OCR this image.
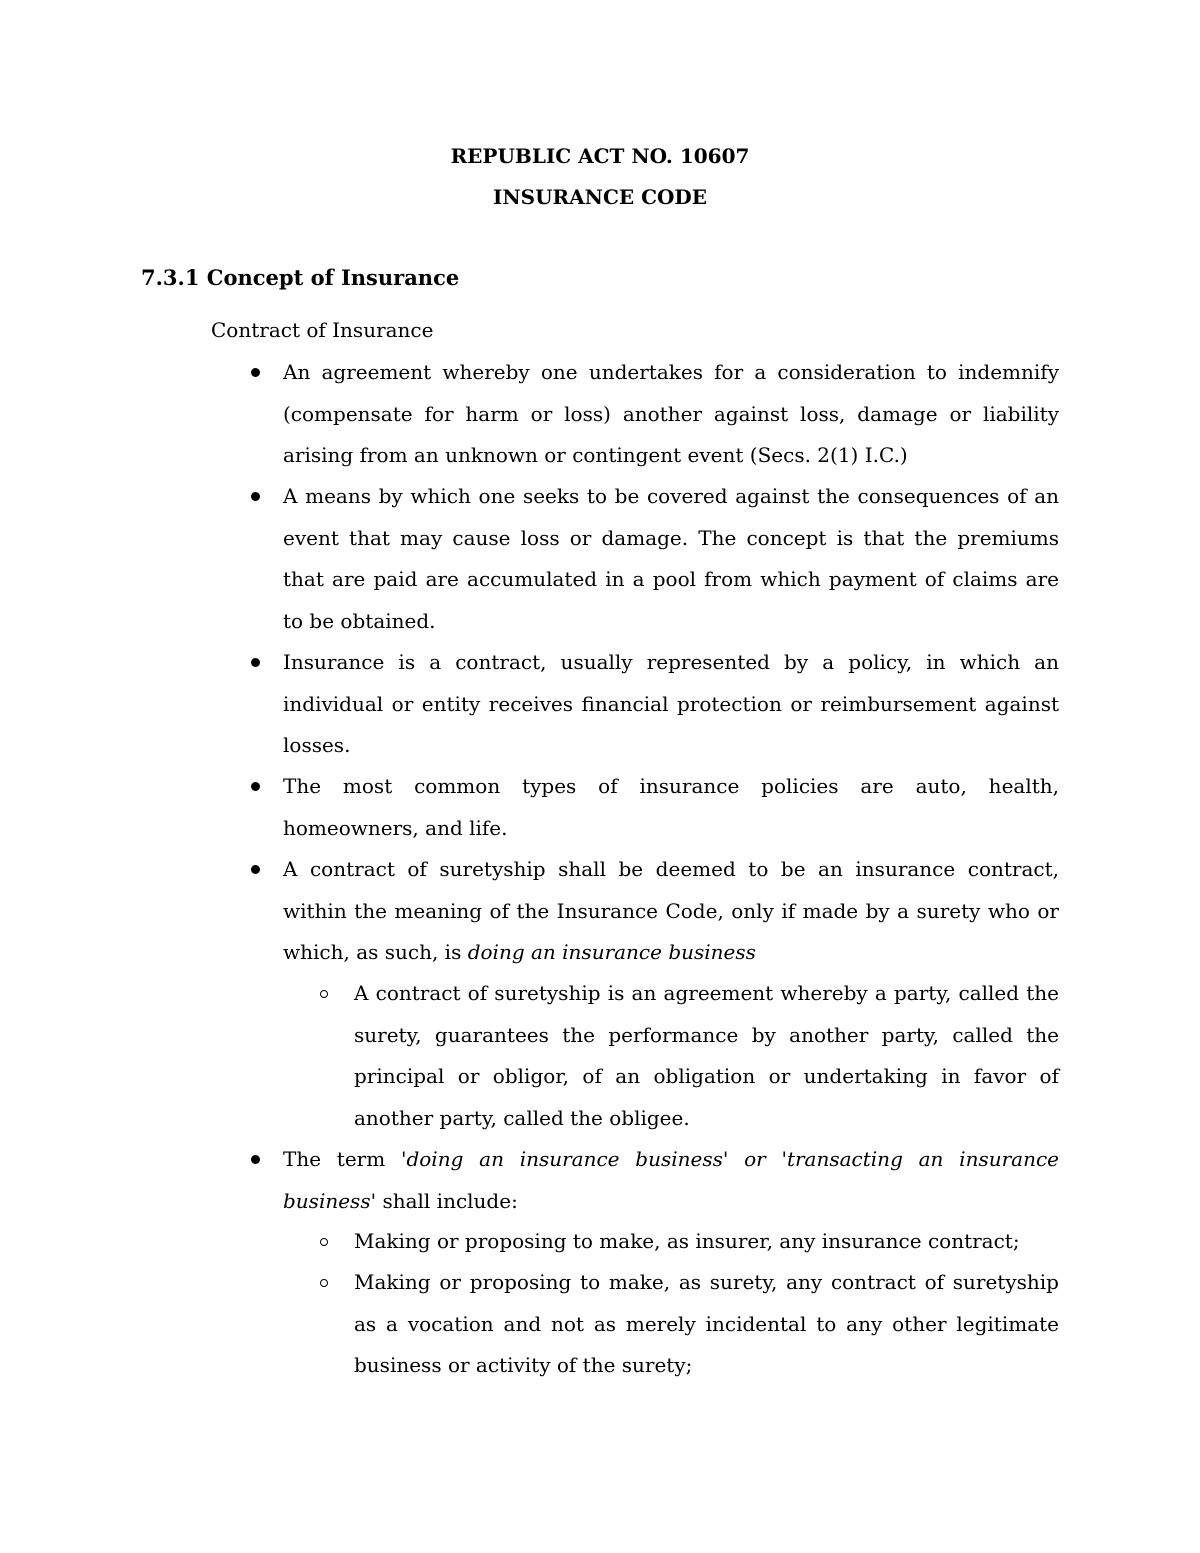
REPUBLIC ACT NO. 10607
INSURANCE CODE
7.3.1 Concept of Insurance
Contract of Insurance
An agreement whereby one undertakes for a consideration to indemnify (compensate for harm or loss) another against loss, damage or liability arising from an unknown or contingent event (Secs. 2(1) I.C.)
A means by which one seeks to be covered against the consequences of an event that may cause loss or damage. The concept is that the premiums that are paid are accumulated in a pool from which payment of claims are to be obtained.
Insurance is a contract, usually represented by a policy, in which an individual or entity receives financial protection or reimbursement against losses.
The most common types of insurance policies are auto, health, homeowners, and life.
A contract of suretyship shall be deemed to be an insurance contract, within the meaning of the Insurance Code, only if made by a surety who or which, as such, is doing an insurance business
A contract of suretyship is an agreement whereby a party, called the surety, guarantees the performance by another party, called the principal or obligor, of an obligation or undertaking in favor of another party, called the obligee.
The term 'doing an insurance business' or 'transacting an insurance business' shall include:
Making or proposing to make, as insurer, any insurance contract;
Making or proposing to make, as surety, any contract of suretyship as a vocation and not as merely incidental to any other legitimate business or activity of the surety;
